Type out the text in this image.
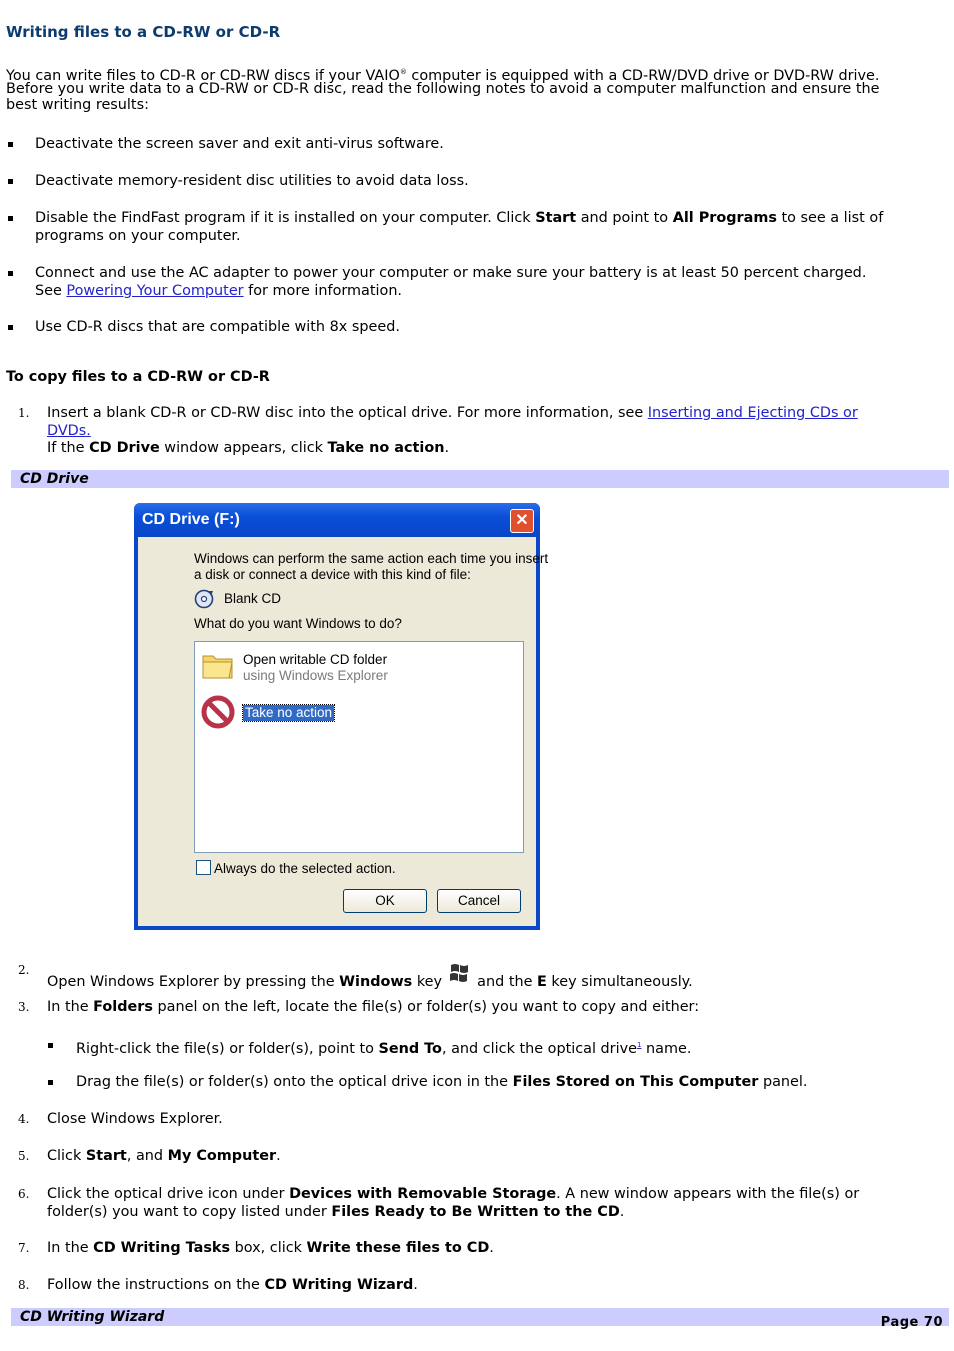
Writing files to a CD-RW or CD-R
You can write files to CD-R or CD-RW discs if your VAIO® computer is equipped with a CD-RW/DVD drive or DVD-RW drive.
Before you write data to a CD-RW or CD-R disc, read the following notes to avoid a computer malfunction and ensure the
best writing results:
Deactivate the screen saver and exit anti-virus software.
Deactivate memory-resident disc utilities to avoid data loss.
Disable the FindFast program if it is installed on your computer. Click Start and point to All Programs to see a list of
programs on your computer.
Connect and use the AC adapter to power your computer or make sure your battery is at least 50 percent charged.
See Powering Your Computer for more information.
Use CD-R discs that are compatible with 8x speed.
To copy files to a CD-RW or CD-R
1. Insert a blank CD-R or CD-RW disc into the optical drive. For more information, see Inserting and Ejecting CDs or
DVDs.
If the CD Drive window appears, click Take no action.
CD Drive
CD Drive (F:)	✕
Windows can perform the same action each time you insert
a disk or connect a device with this kind of file:
Blank CD
What do you want Windows to do?
Open writable CD folder
using Windows Explorer
Take no action
Always do the selected action.
OK	Cancel
2.
Open Windows Explorer by pressing the Windows key  and the E key simultaneously.
3. In the Folders panel on the left, locate the file(s) or folder(s) you want to copy and either:
Right-click the file(s) or folder(s), point to Send To, and click the optical drive$^1$ name.
Drag the file(s) or folder(s) onto the optical drive icon in the Files Stored on This Computer panel.
4. Close Windows Explorer.
5. Click Start, and My Computer.
6. Click the optical drive icon under Devices with Removable Storage. A new window appears with the file(s) or
folder(s) you want to copy listed under Files Ready to Be Written to the CD.
7. In the CD Writing Tasks box, click Write these files to CD.
8. Follow the instructions on the CD Writing Wizard.
CD Writing Wizard	Page 70
